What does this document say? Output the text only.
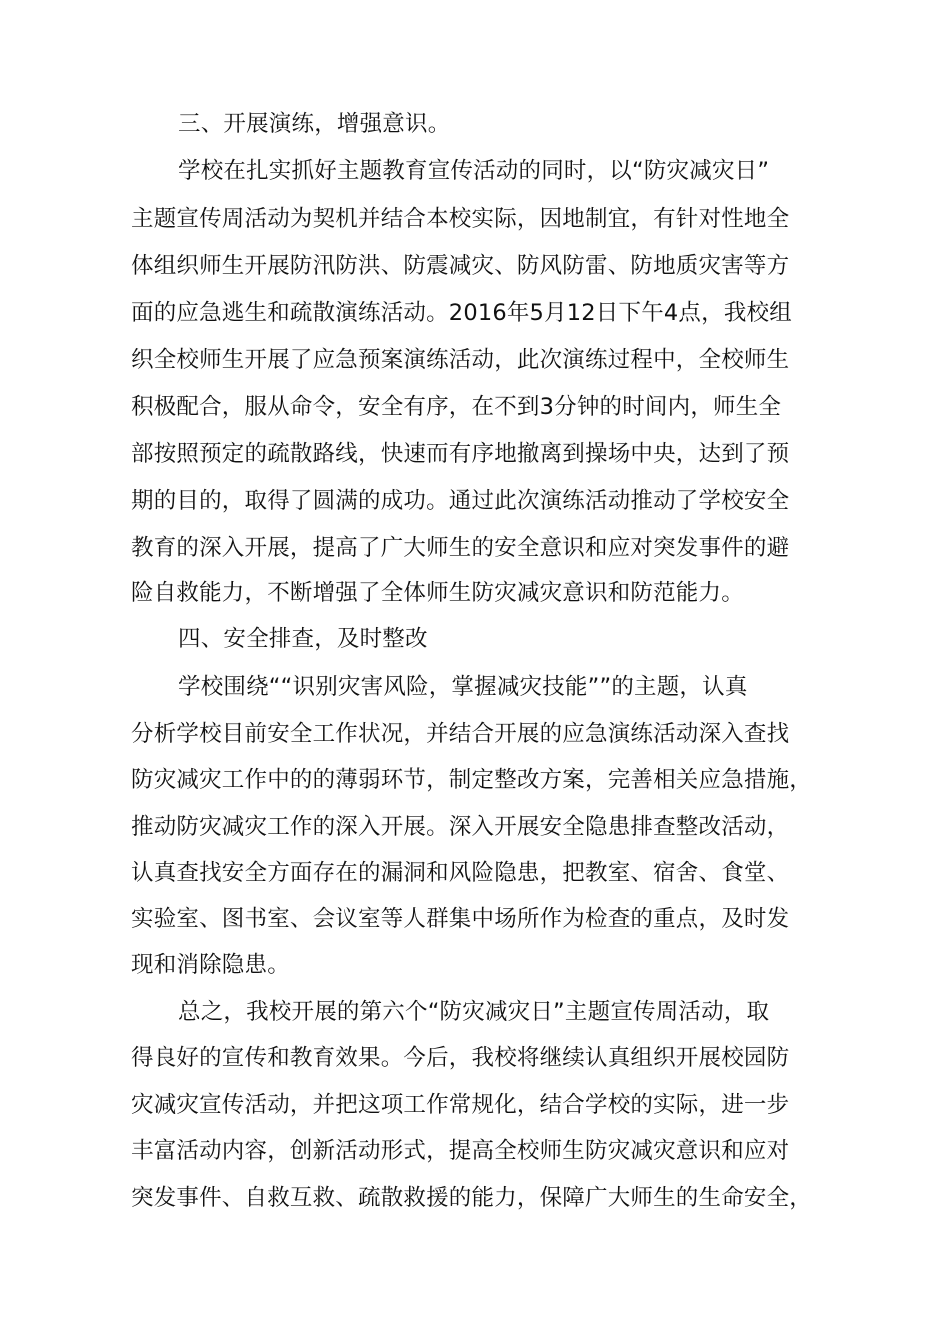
三、开展演练，增强意识。
学校在扎实抓好主题教育宣传活动的同时，以“防灾减灾日”
主题宣传周活动为契机并结合本校实际，因地制宜，有针对性地全
体组织师生开展防汛防洪、防震减灾、防风防雷、防地质灾害等方
面的应急逃生和疏散演练活动。2016年5月12日下午4点，我校组
织全校师生开展了应急预案演练活动，此次演练过程中，全校师生
积极配合，服从命令，安全有序，在不到3分钟的时间内，师生全
部按照预定的疏散路线，快速而有序地撤离到操场中央，达到了预
期的目的，取得了圆满的成功。通过此次演练活动推动了学校安全
教育的深入开展，提高了广大师生的安全意识和应对突发事件的避
险自救能力，不断增强了全体师生防灾减灾意识和防范能力。
四、安全排查，及时整改
学校围绕““识别灾害风险，掌握减灾技能””的主题，认真
分析学校目前安全工作状况，并结合开展的应急演练活动深入查找
防灾减灾工作中的的薄弱环节，制定整改方案，完善相关应急措施，
推动防灾减灾工作的深入开展。深入开展安全隐患排查整改活动，
认真查找安全方面存在的漏洞和风险隐患，把教室、宿舍、食堂、
实验室、图书室、会议室等人群集中场所作为检查的重点，及时发
现和消除隐患。
总之，我校开展的第六个“防灾减灾日”主题宣传周活动，取
得良好的宣传和教育效果。今后，我校将继续认真组织开展校园防
灾减灾宣传活动，并把这项工作常规化，结合学校的实际，进一步
丰富活动内容，创新活动形式，提高全校师生防灾减灾意识和应对
突发事件、自救互救、疏散救援的能力，保障广大师生的生命安全，
